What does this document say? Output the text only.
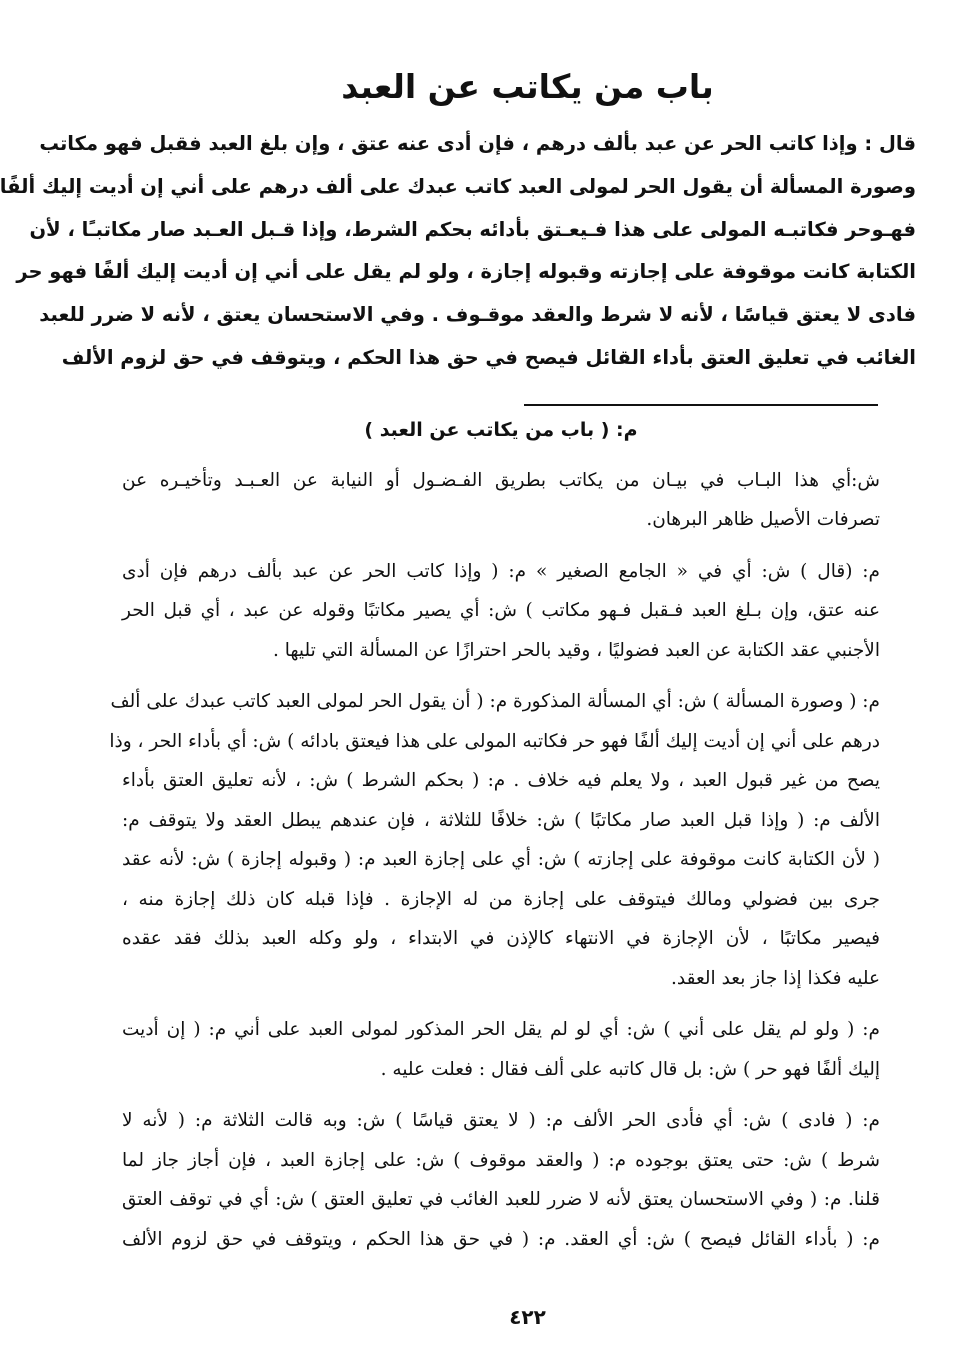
باب من يكاتب عن العبد
قال : وإذا كاتب الحر عن عبد بألف درهم ، فإن أدى عنه عتق ، وإن بلغ العبد فقبل فهو مكاتب
وصورة المسألة أن يقول الحر لمولى العبد كاتب عبدك على ألف درهم على أني إن أديت إليك ألفًا
فهـوحر فكاتبـه المولى على هذا فـيعـتق بأدائه بحكم الشرط، وإذا قـبل العـبد صار مكاتبـًا ، لأن
الكتابة كانت موقوفة على إجازته وقبوله إجازة ، ولو لم يقل على أني إن أديت إليك ألفًا فهو حر
فادى لا يعتق قياسًا ، لأنه لا شرط والعقد موقـوف . وفي الاستحسان يعتق ، لأنه لا ضرر للعبد
الغائب في تعليق العتق بأداء القائل فيصح في حق هذا الحكم ، ويتوقف في حق لزوم الألف
م: ( باب من يكاتب عن العبد )
ش:أي هذا البـاب في بيـان من يكاتب بطريق الفـضـول أو النيابة عن العـبـد وتأخيـره عن
تصرفات الأصيل ظاهر البرهان.
م: (قال ) ش: أي في « الجامع الصغير » م: ( وإذا كاتب الحر عن عبد بألف درهم فإن أدى
عنه عتق، وإن بـلغ العبد فـقبل فـهو مكاتب ) ش: أي يصير مكاتبًا وقوله عن عبد ، أي قبل الحر
الأجنبي عقد الكتابة عن العبد فضوليًا ، وقيد بالحر احترازًا عن المسألة التي تليها .
م: ( وصورة المسألة ) ش: أي المسألة المذكورة م: ( أن يقول الحر لمولى العبد كاتب عبدك على ألف
درهم على أني إن أديت إليك ألفًا فهو حر فكاتبه المولى على هذا فيعتق بادائه ) ش: أي بأداء الحر ، وذا
يصح من غير قبول العبد ، ولا يعلم فيه خلاف . م: ( بحكم الشرط ) ش: ، لأنه تعليق العتق بأداء
الألف م: ( وإذا قبل العبد صار مكاتبًا ) ش: خلافًا للثلاثة ، فإن عندهم يبطل العقد ولا يتوقف م:
( لأن الكتابة كانت موقوفة على إجازته ) ش: أي على إجازة العبد م: ( وقبوله إجازة ) ش: لأنه عقد
جرى بين فضولي ومالك فيتوقف على إجازة من له الإجازة . فإذا قبله كان ذلك إجازة منه ،
فيصير مكاتبًا ، لأن الإجازة في الانتهاء كالإذن في الابتداء ، ولو وكله العبد بذلك فقد عقده
عليه فكذا إذا جاز بعد العقد.
م: ( ولو لم يقل على أني ) ش: أي لو لم يقل الحر المذكور لمولى العبد على أني م: ( إن أديت
إليك ألفًا فهو حر ) ش: بل قال كاتبه على ألف فقال : فعلت عليه .
م: ( فادى ) ش: أي فأدى الحر الألف م: ( لا يعتق قياسًا ) ش: وبه قالت الثلاثة م: ( لأنه لا
شرط ) ش: حتى يعتق بوجوده م: ( والعقد موقوف ) ش: على إجازة العبد ، فإن أجاز جاز لما
قلنا. م: ( وفي الاستحسان يعتق لأنه لا ضرر للعبد الغائب في تعليق العتق ) ش: أي في توقف العتق
م: ( بأداء القائل فيصح ) ش: أي العقد. م: ( في حق هذا الحكم ، ويتوقف في حق لزوم الألف
٤٢٢
